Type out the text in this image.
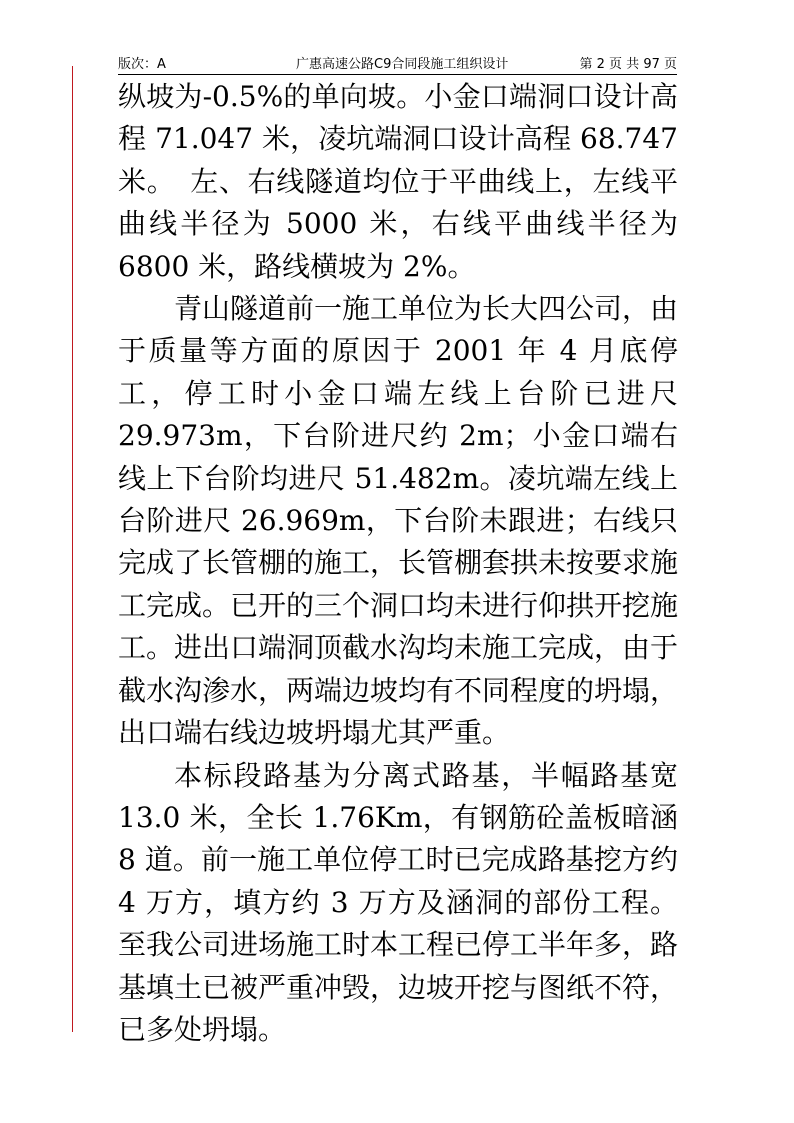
版次：A	广惠高速公路C9合同段施工组织设计	第 2 页 共 97 页

纵坡为-0.5%的单向坡。小金口端洞口设计高程 71.047 米，凌坑端洞口设计高程 68.747 米。　左、右线隧道均位于平曲线上，左线平曲线半径为 5000 米，右线平曲线半径为 6800 米，路线横坡为 2%。

青山隧道前一施工单位为长大四公司，由于质量等方面的原因于 2001 年 4 月底停工，停工时小金口端左线上台阶已进尺 29.973m，下台阶进尺约 2m；小金口端右线上下台阶均进尺 51.482m。凌坑端左线上台阶进尺 26.969m，下台阶未跟进；右线只完成了长管棚的施工，长管棚套拱未按要求施工完成。已开的三个洞口均未进行仰拱开挖施工。进出口端洞顶截水沟均未施工完成，由于截水沟渗水，两端边坡均有不同程度的坍塌，出口端右线边坡坍塌尤其严重。

本标段路基为分离式路基，半幅路基宽 13.0 米，全长 1.76Km，有钢筋砼盖板暗涵 8 道。前一施工单位停工时已完成路基挖方约 4 万方，填方约 3 万方及涵洞的部份工程。至我公司进场施工时本工程已停工半年多，路基填土已被严重冲毁，边坡开挖与图纸不符，已多处坍塌。
